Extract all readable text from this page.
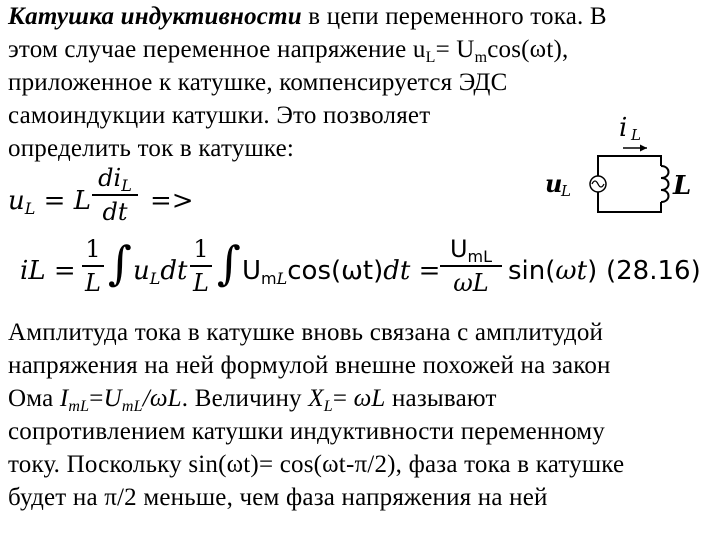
Катушка индуктивности в цепи переменного тока. В
этом случае переменное напряжение $u_L= U_m\cos(\omega t)$,
приложенное к катушке, компенсируется ЭДС
самоиндукции катушки. Это позволяет
определить ток в катушке:
$u_L = L$
$di_L$
dt =>
iL =
1
L ∫ $u_Ldt$
1
L ∫ $U_{mL}\cos(\omega t)dt$ =
$U_{mL}$
ωL sin(ωt) (28.16)
i L
u
L	L
Амплитуда тока в катушке вновь связана с амплитудой
напряжения на ней формулой внешне похожей на закон
Ома $I_{mL}=U_{mL}/\omega L$. Величину $X_L= \omega L$ называют
сопротивлением катушки индуктивности переменному
току. Поскольку sin(ωt)= cos(ωt-π/2), фаза тока в катушке
будет на π/2 меньше, чем фаза напряжения на ней
